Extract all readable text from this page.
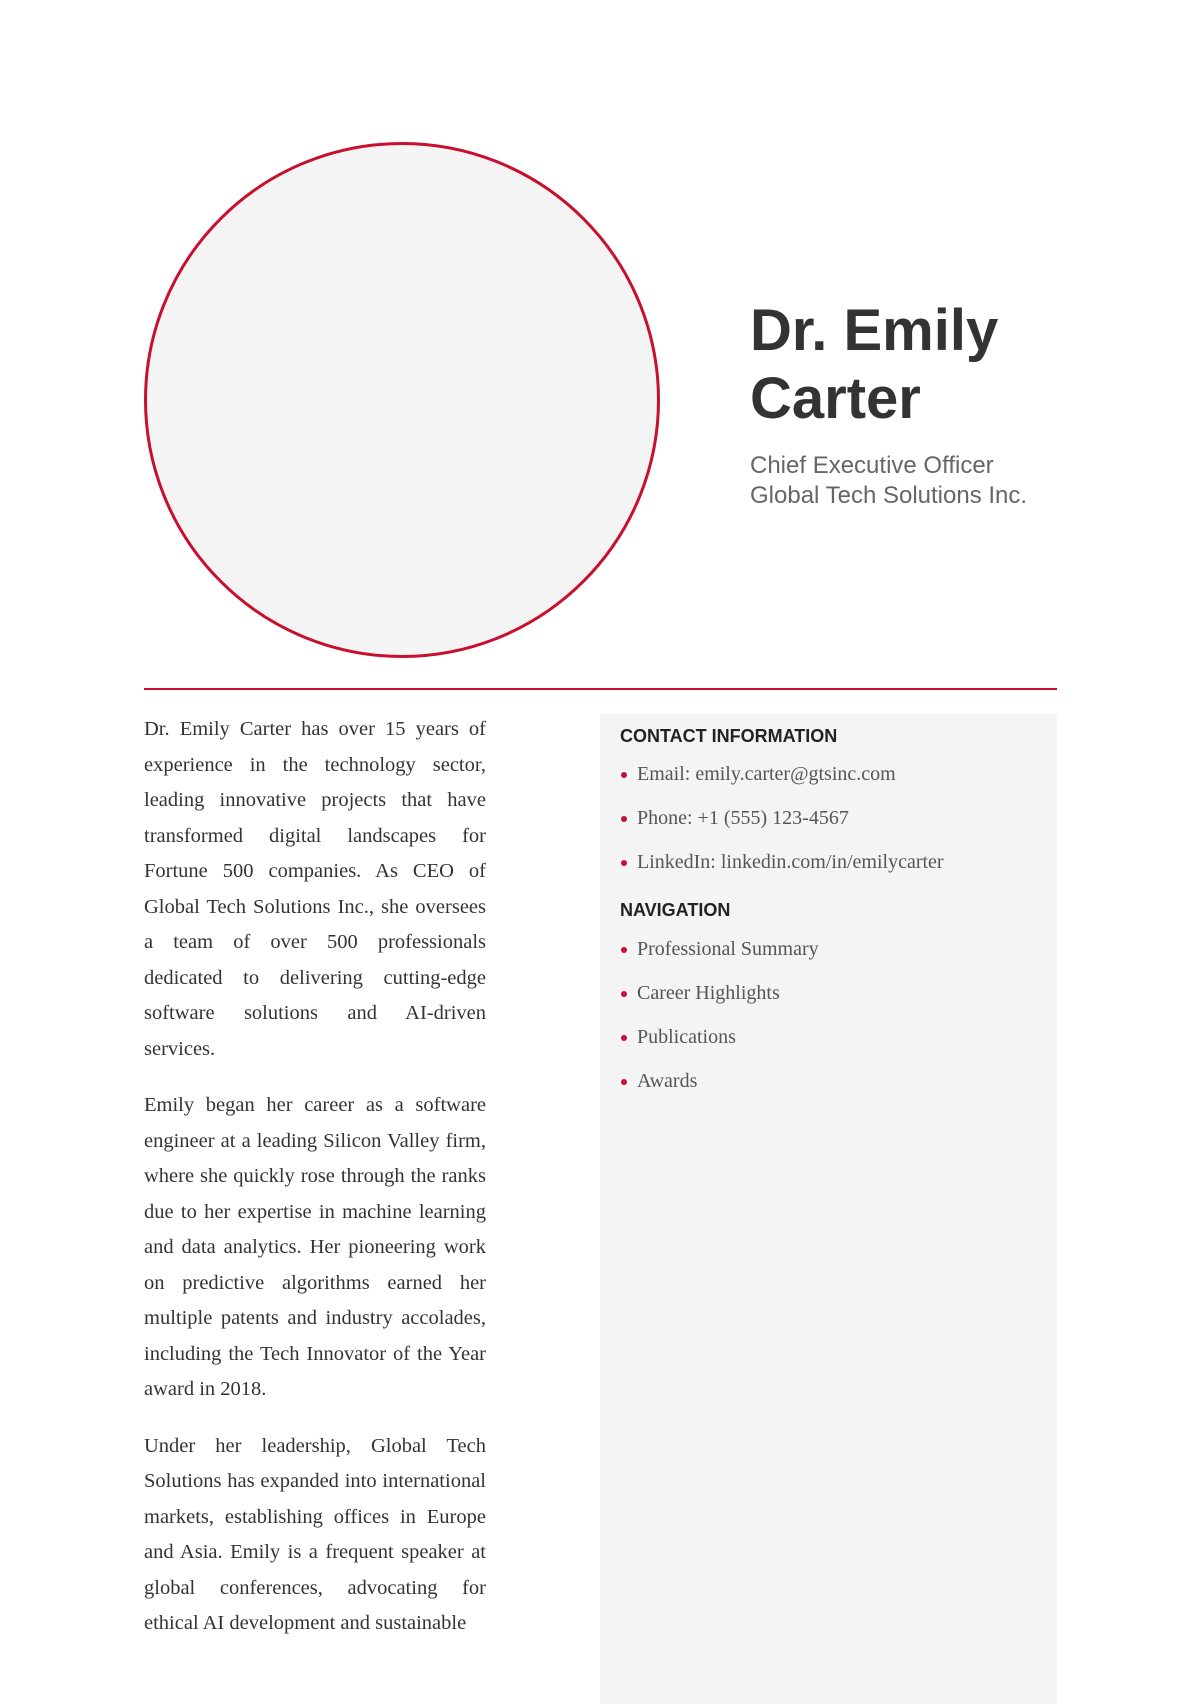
Dr. Emily
Carter
Chief Executive Officer
Global Tech Solutions Inc.

Dr. Emily Carter has over 15 years of experience in the technology sector, leading innovative projects that have transformed digital landscapes for Fortune 500 companies. As CEO of Global Tech Solutions Inc., she oversees a team of over 500 professionals dedicated to delivering cutting-edge software solutions and AI-driven services.

Emily began her career as a software engineer at a leading Silicon Valley firm, where she quickly rose through the ranks due to her expertise in machine learning and data analytics. Her pioneering work on predictive algorithms earned her multiple patents and industry accolades, including the Tech Innovator of the Year award in 2018.

Under her leadership, Global Tech Solutions has expanded into international markets, establishing offices in Europe and Asia. Emily is a frequent speaker at global conferences, advocating for ethical AI development and sustainable

CONTACT INFORMATION
Email: emily.carter@gtsinc.com
Phone: +1 (555) 123-4567
LinkedIn: linkedin.com/in/emilycarter
NAVIGATION
Professional Summary
Career Highlights
Publications
Awards
